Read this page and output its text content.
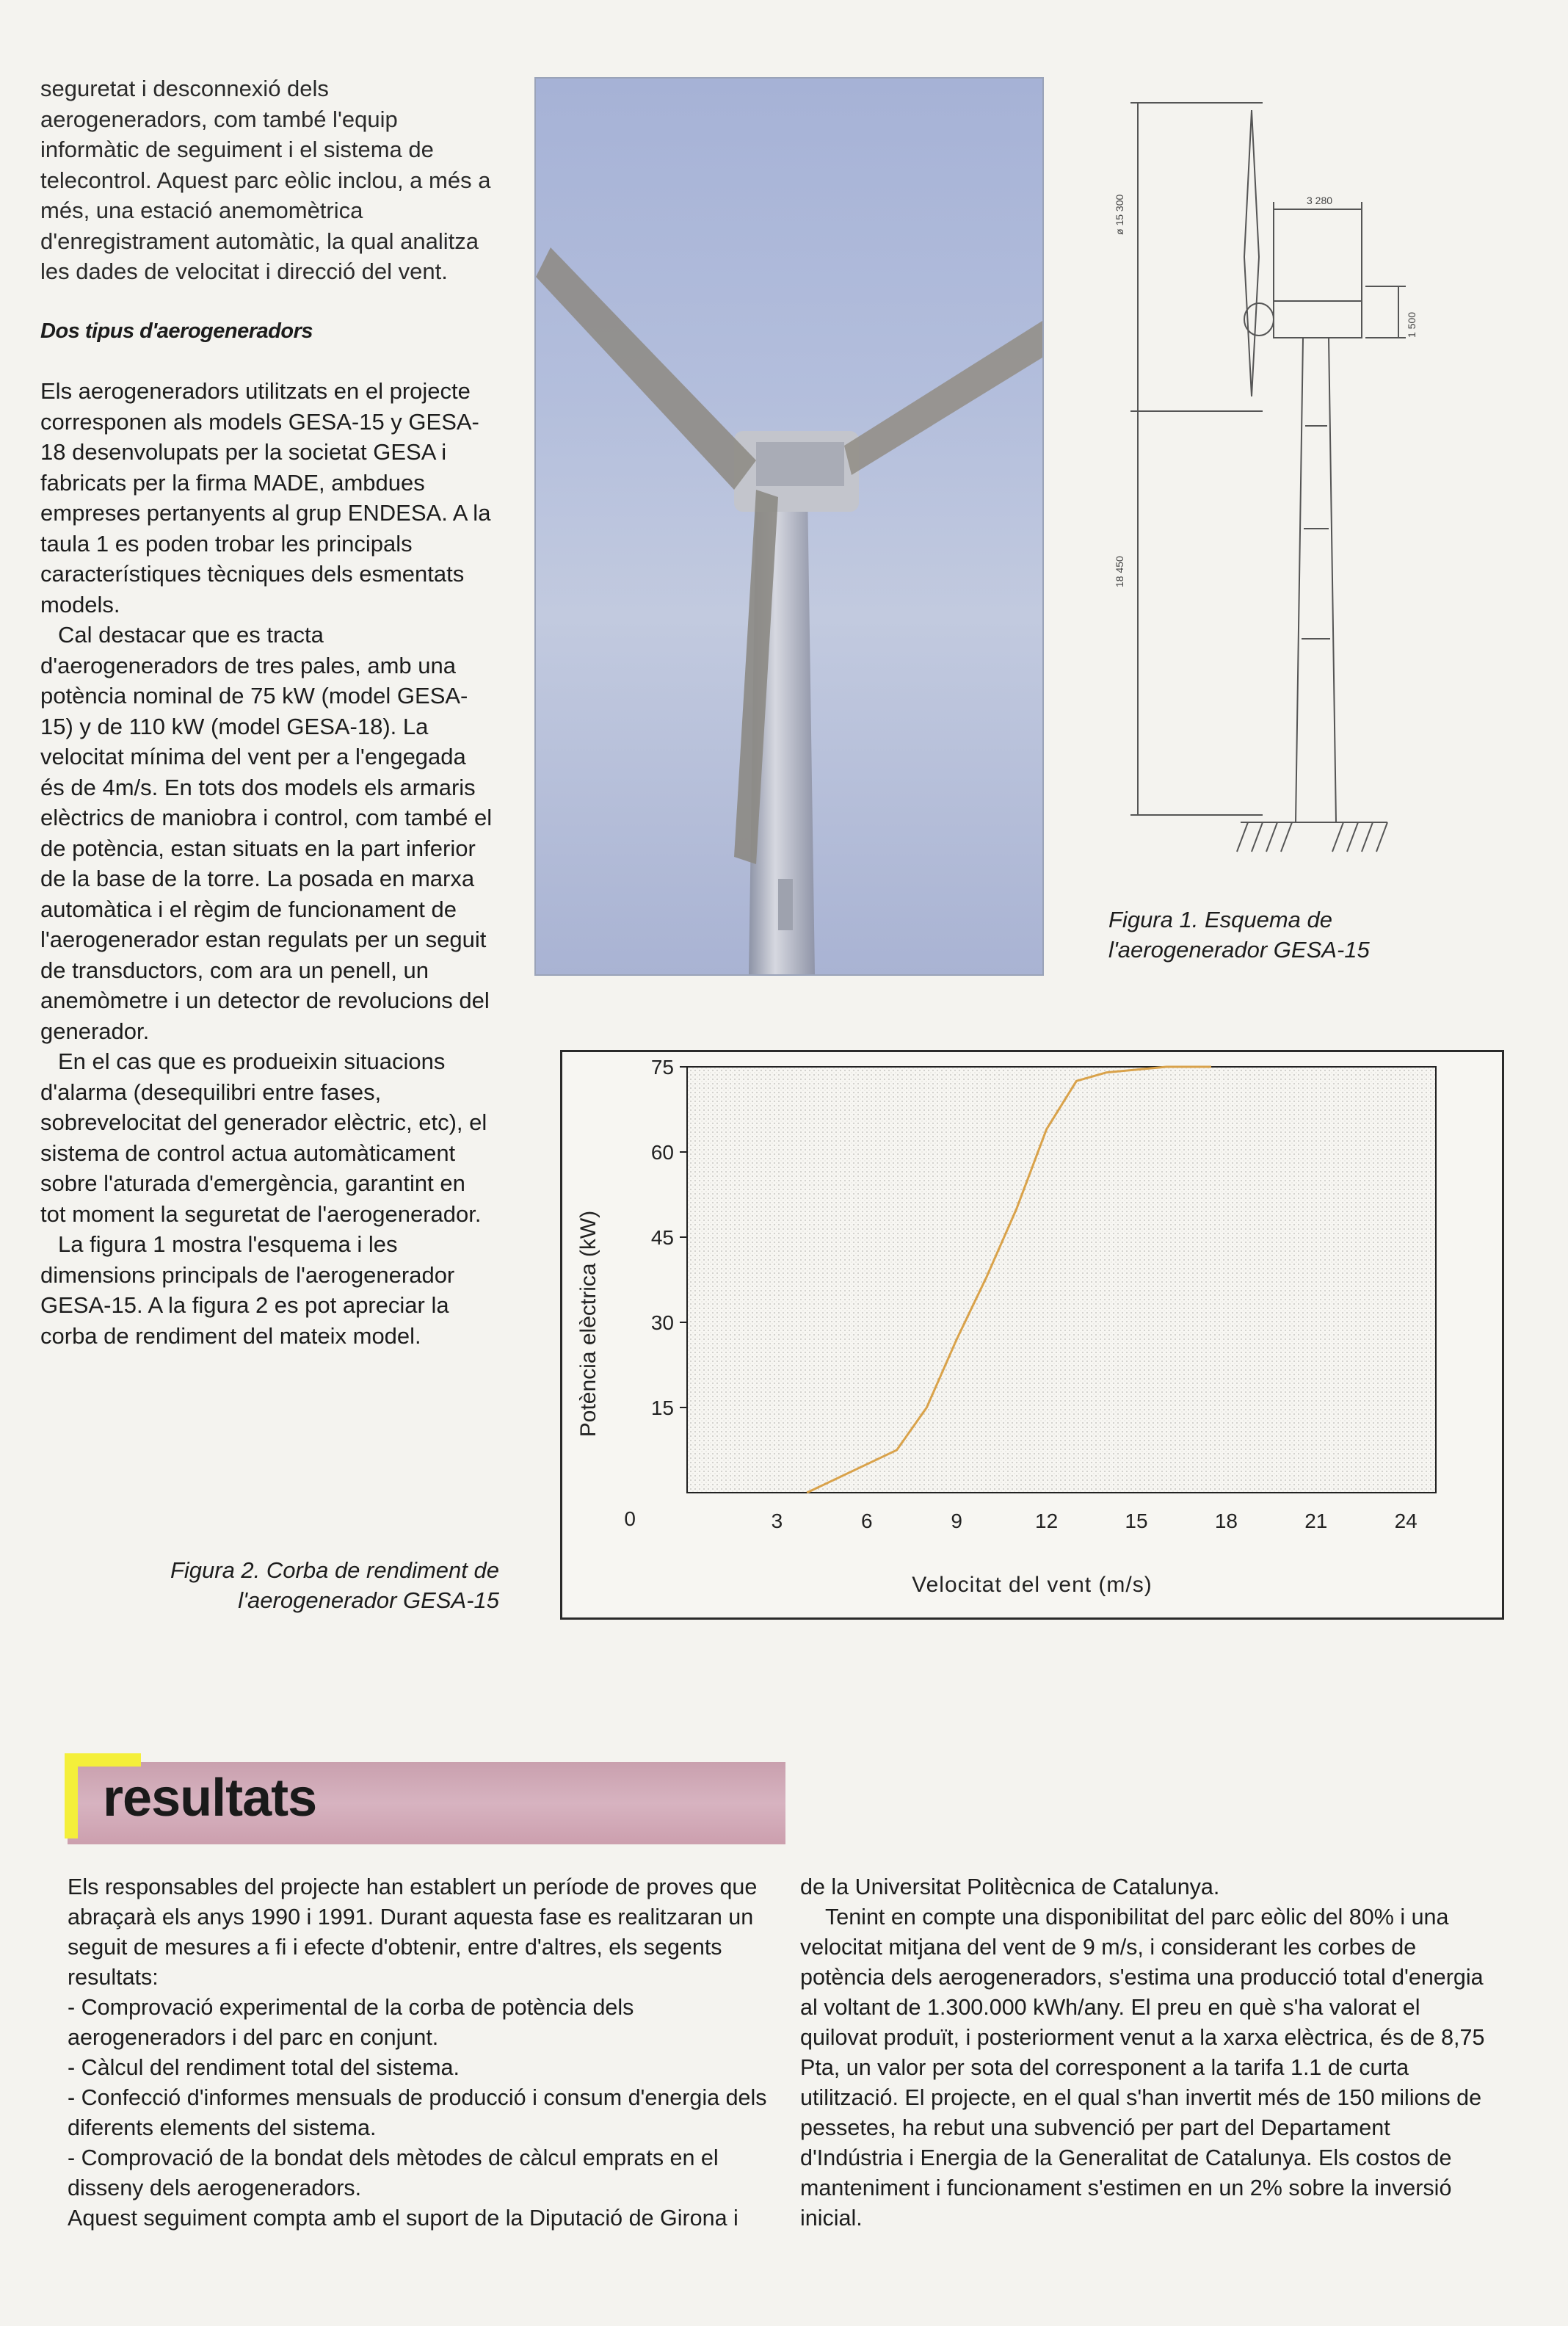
seguretat i desconnexió dels aerogeneradors, com també l'equip informàtic de seguiment i el sistema de telecontrol. Aquest parc eòlic inclou, a més a més, una estació anemomètrica d'enregistrament automàtic, la qual analitza les dades de velocitat i direcció del vent.

Dos tipus d'aerogeneradors

Els aerogeneradors utilitzats en el projecte corresponen als models GESA-15 y GESA-18 desenvolupats per la societat GESA i fabricats per la firma MADE, ambdues empreses pertanyents al grup ENDESA. A la taula 1 es poden trobar les principals característiques tècniques dels esmentats models.

Cal destacar que es tracta d'aerogeneradors de tres pales, amb una potència nominal de 75 kW (model GESA-15) y de 110 kW (model GESA-18). La velocitat mínima del vent per a l'engegada és de 4m/s. En tots dos models els armaris elèctrics de maniobra i control, com també el de potència, estan situats en la part inferior de la base de la torre. La posada en marxa automàtica i el règim de funcionament de l'aerogenerador estan regulats per un seguit de transductors, com ara un penell, un anemòmetre i un detector de revolucions del generador.

En el cas que es produeixin situacions d'alarma (desequilibri entre fases, sobrevelocitat del generador elèctric, etc), el sistema de control actua automàticament sobre l'aturada d'emergència, garantint en tot moment la seguretat de l'aerogenerador.

La figura 1 mostra l'esquema i les dimensions principals de l'aerogenerador GESA-15. A la figura 2 es pot apreciar la corba de rendiment del mateix model.

ø 15 300
18 450
3 280
1 500
Figura 1. Esquema de l'aerogenerador GESA-15
0
15
30
45
60
75
3	6	9	12	15	18	21	24
Potència elèctrica (kW)
Velocitat del vent (m/s)
Figura 2. Corba de rendiment de l'aerogenerador GESA-15
resultats
Els responsables del projecte han establert un període de proves que abraçarà els anys 1990 i 1991. Durant aquesta fase es realitzaran un seguit de mesures a fi i efecte d'obtenir, entre d'altres, els segents resultats:
- Comprovació experimental de la corba de potència dels aerogeneradors i del parc en conjunt.
- Càlcul del rendiment total del sistema.
- Confecció d'informes mensuals de producció i consum d'energia dels diferents elements del sistema.
- Comprovació de la bondat dels mètodes de càlcul emprats en el disseny dels aerogeneradors.
Aquest seguiment compta amb el suport de la Diputació de Girona i
de la Universitat Politècnica de Catalunya.
Tenint en compte una disponibilitat del parc eòlic del 80% i una velocitat mitjana del vent de 9 m/s, i considerant les corbes de potència dels aerogeneradors, s'estima una producció total d'energia al voltant de 1.300.000 kWh/any. El preu en què s'ha valorat el quilovat produït, i posteriorment venut a la xarxa elèctrica, és de 8,75 Pta, un valor per sota del corresponent a la tarifa 1.1 de curta utilització. El projecte, en el qual s'han invertit més de 150 milions de pessetes, ha rebut una subvenció per part del Departament d'Indústria i Energia de la Generalitat de Catalunya. Els costos de manteniment i funcionament s'estimen en un 2% sobre la inversió inicial.
